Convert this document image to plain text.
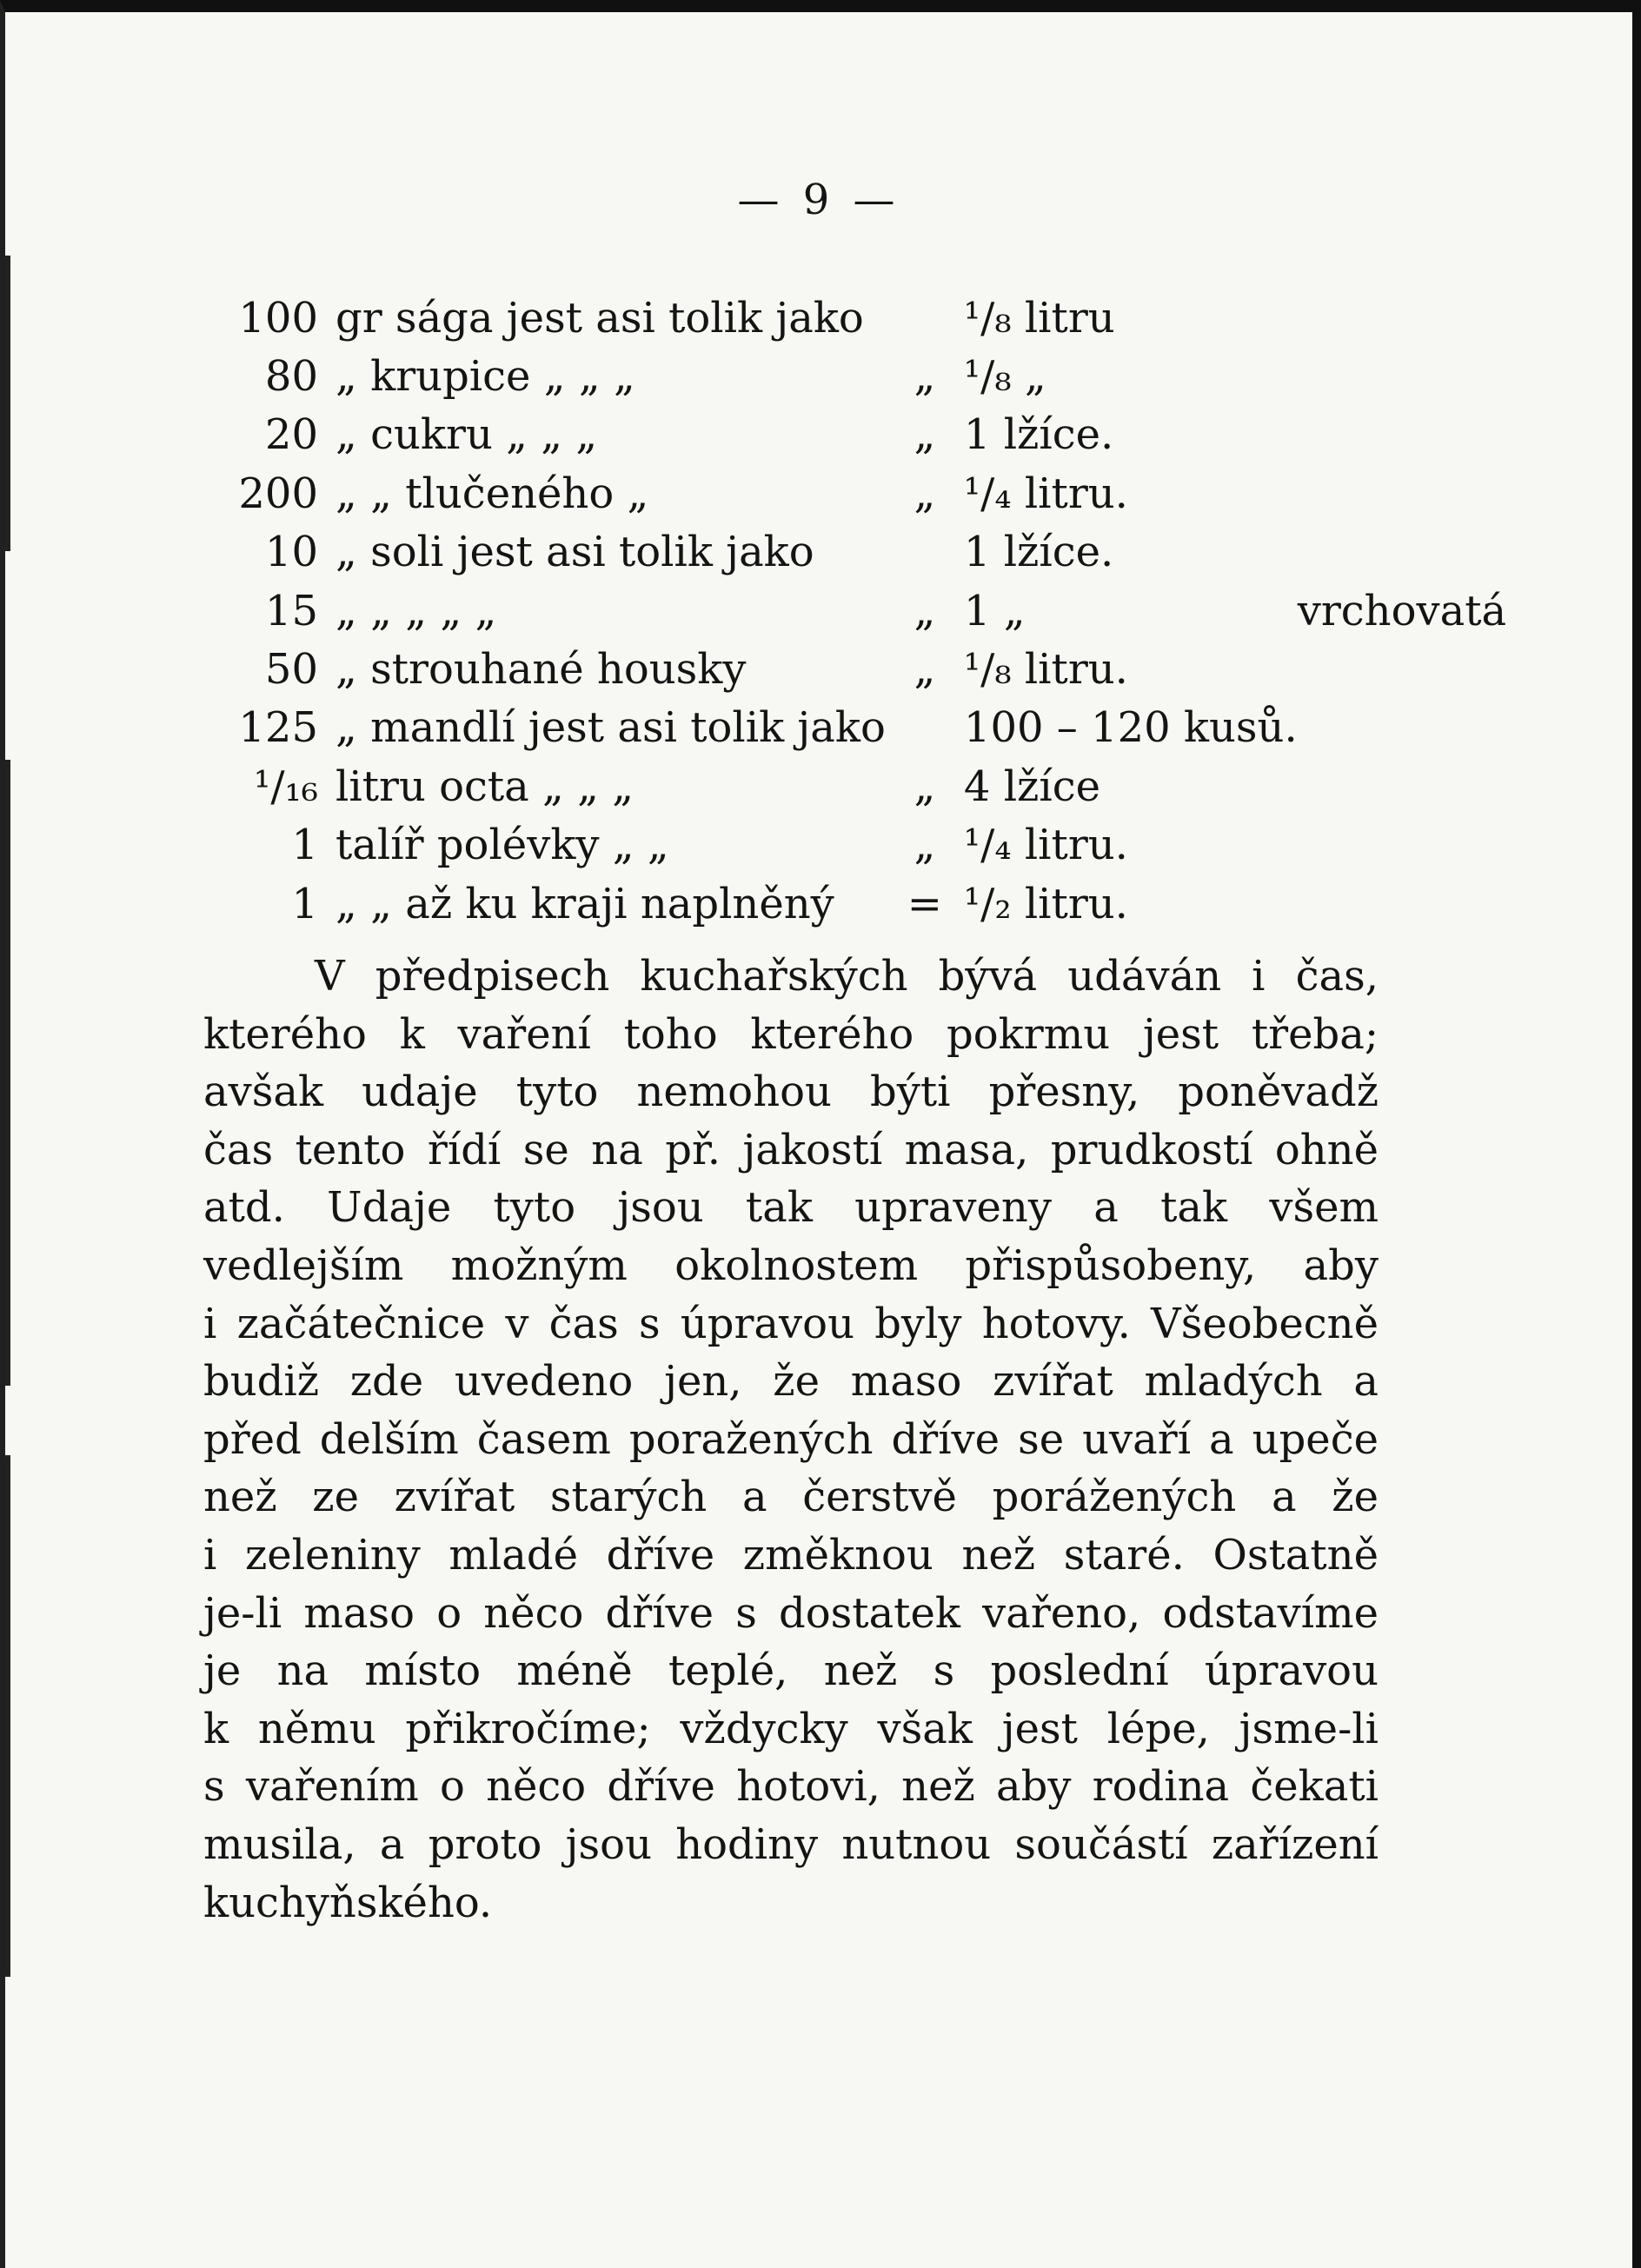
— 9 —
100	gr sága jest asi tolik jako		¹/₈ litru	
80	„ krupice „ „ „	„	¹/₈ „	
20	„ cukru „ „ „	„	1 lžíce.	
200	„ „ tlučeného „	„	¹/₄ litru.	
10	„ soli jest asi tolik jako		1 lžíce.	
15	„ „ „ „ „	„	1 „	vrchovatá
50	„ strouhané housky	„	¹/₈ litru.	
125	„ mandlí jest asi tolik jako		100 – 120 kusů.	
¹/₁₆	litru octa „ „ „	„	4 lžíce	
1	talíř polévky „ „	„	¹/₄ litru.	
1	„ „ až ku kraji naplněný	=	¹/₂ litru.	
V předpisech kuchařských bývá udáván i čas,
kterého k vaření toho kterého pokrmu jest třeba;
avšak udaje tyto nemohou býti přesny, poněvadž
čas tento řídí se na př. jakostí masa, prudkostí ohně
atd. Udaje tyto jsou tak upraveny a tak všem
vedlejším možným okolnostem přispůsobeny, aby
i začátečnice v čas s úpravou byly hotovy. Všeobecně
budiž zde uvedeno jen, že maso zvířat mladých a
před delším časem poražených dříve se uvaří a upeče
než ze zvířat starých a čerstvě porážených a že
i zeleniny mladé dříve změknou než staré. Ostatně
je-li maso o něco dříve s dostatek vařeno, odstavíme
je na místo méně teplé, než s poslední úpravou
k němu přikročíme; vždycky však jest lépe, jsme-li
s vařením o něco dříve hotovi, než aby rodina čekati
musila, a proto jsou hodiny nutnou součástí zařízení
kuchyňského.
